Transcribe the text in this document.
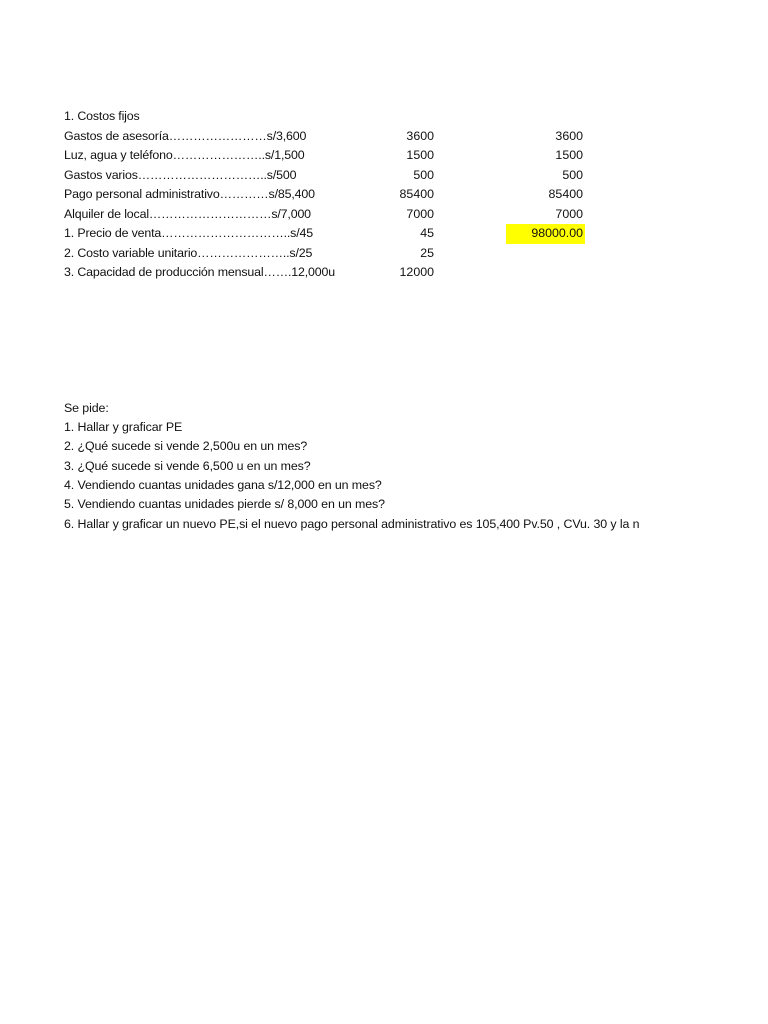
1. Costos fijos
Gastos de asesoría……………………s/3,600	3600	3600
Luz, agua y teléfono…………………..s/1,500	1500	1500
Gastos varios…………………………..s/500	500	500
Pago personal administrativo…………s/85,400	85400	85400
Alquiler de local…………………………s/7,000	7000	7000
1. Precio de venta…………………………..s/45	45	98000.00
2. Costo variable unitario…………………..s/25	25
3. Capacidad de producción mensual…….12,000u	12000
Se pide:
1. Hallar y graficar PE
2. ¿Qué sucede si vende 2,500u en un mes?
3. ¿Qué sucede si vende 6,500 u en un mes?
4. Vendiendo cuantas unidades gana s/12,000 en un mes?
5. Vendiendo cuantas unidades pierde s/ 8,000 en un mes?
6. Hallar y graficar un nuevo PE,si el nuevo pago personal administrativo es 105,400 Pv.50 , CVu. 30 y la n
